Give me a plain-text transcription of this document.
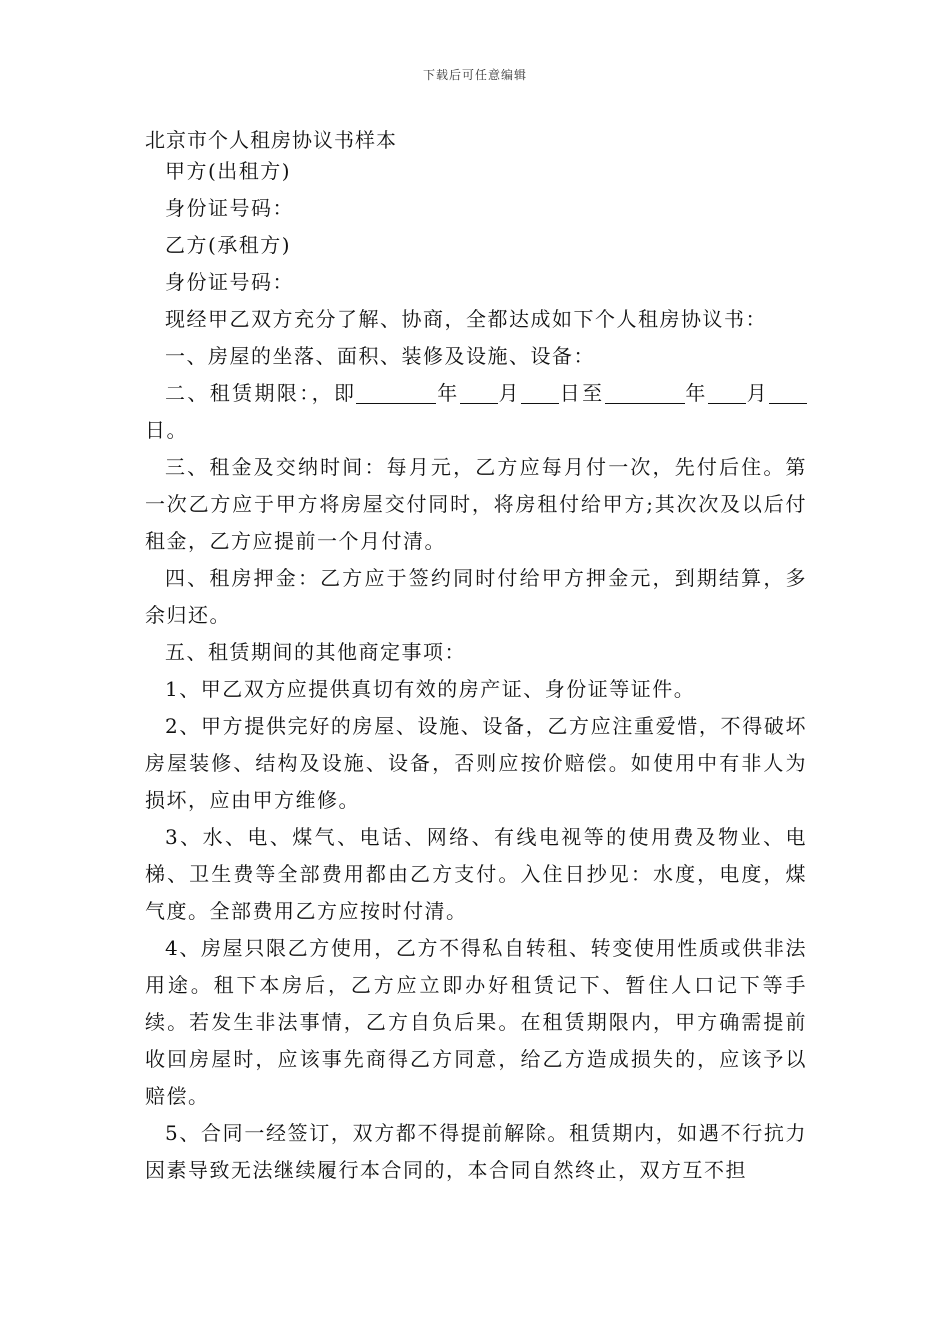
下载后可任意编辑
北京市个人租房协议书样本

甲方(出租方)

身份证号码：

乙方(承租方)

身份证号码：

现经甲乙双方充分了解、协商，全都达成如下个人租房协议书：

一、房屋的坐落、面积、装修及设施、设备：

二、租赁期限：，即	年 月 日至	年 月日。

三、租金及交纳时间：每月元，乙方应每月付一次，先付后住。第一次乙方应于甲方将房屋交付同时，将房租付给甲方;其次次及以后付租金，乙方应提前一个月付清。

四、租房押金：乙方应于签约同时付给甲方押金元，到期结算，多余归还。

五、租赁期间的其他商定事项：

1、甲乙双方应提供真切有效的房产证、身份证等证件。

2、甲方提供完好的房屋、设施、设备，乙方应注重爱惜，不得破坏房屋装修、结构及设施、设备，否则应按价赔偿。如使用中有非人为损坏，应由甲方维修。

3、水、电、煤气、电话、网络、有线电视等的使用费及物业、电梯、卫生费等全部费用都由乙方支付。入住日抄见：水度，电度，煤气度。全部费用乙方应按时付清。

4、房屋只限乙方使用，乙方不得私自转租、转变使用性质或供非法用途。租下本房后，乙方应立即办好租赁记下、暂住人口记下等手续。若发生非法事情，乙方自负后果。在租赁期限内，甲方确需提前收回房屋时，应该事先商得乙方同意，给乙方造成损失的，应该予以赔偿。

5、合同一经签订，双方都不得提前解除。租赁期内，如遇不行抗力因素导致无法继续履行本合同的，本合同自然终止，双方互不担
